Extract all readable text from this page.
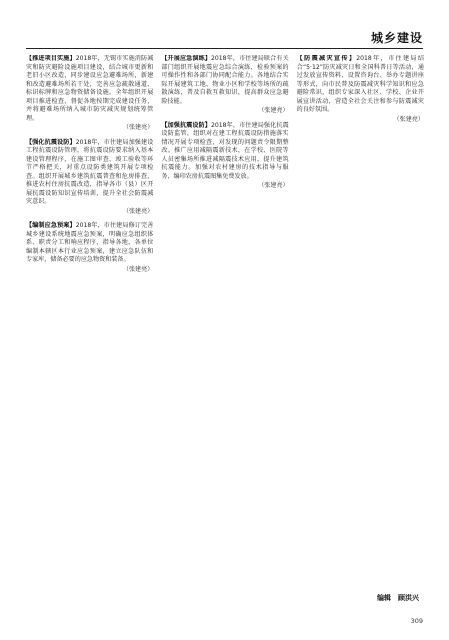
城乡建设

【推进项目实施】2018年，无锡市实施消防减灾和防灾避险设施项目建设，结合城市更新和老旧小区改造，同步建设应急避难场所，新建和改造避难场所若干处，完善应急疏散通道、标识标牌和应急物资储备设施。全年组织开展项目推进检查，督促各地按期完成建设任务，并将避难场所纳入城市防灾减灾规划统筹管理。
（张建亮）

【强化抗震设防】2018年，市住建局加强建设工程抗震设防管理，将抗震设防要求纳入基本建设管理程序，在施工图审查、竣工验收等环节严格把关，对重点设防类建筑开展专项检查。组织开展城乡建筑抗震普查和危房排查，推进农村住房抗震改造，指导各市（县）区开展抗震设防知识宣传培训，提升全社会防震减灾意识。
（张建亮）

【编制应急预案】2018年，市住建局修订完善城乡建设系统地震应急预案，明确应急组织体系、职责分工和响应程序，指导各地、各单位编制本辖区本行业应急预案，建立应急队伍和专家库，储备必要的应急物资和装备。
（张建亮）

【开展应急演练】2018年，市住建局联合有关部门组织开展地震应急综合演练，检验预案的可操作性和各部门协同配合能力。各地结合实际开展建筑工地、物业小区和学校等场所的疏散演练，普及自救互救知识，提高群众应急避险技能。
（张建亮）

【加强抗震设防】2018年，市住建局强化抗震设防监管，组织对在建工程抗震设防措施落实情况开展专项检查，对发现的问题责令限期整改。推广应用减隔震新技术，在学校、医院等人员密集场所推进减隔震技术应用，提升建筑抗震能力。加强对农村建房的技术指导与服务，编印农房抗震图集免费发放。
（张建亮）

【防震减灾宣传】2018年，市住建局结合“5·12”防灾减灾日和全国科普日等活动，通过发放宣传资料、设置咨询台、举办专题讲座等形式，向市民普及防震减灾科学知识和应急避险常识，组织专家深入社区、学校、企业开展宣讲活动，营造全社会关注和参与防震减灾的良好氛围。
（张建亮）

编辑　顾洪兴
309
